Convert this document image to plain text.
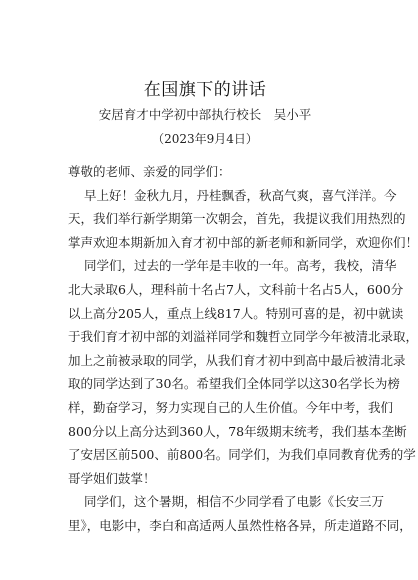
在国旗下的讲话
安居育才中学初中部执行校长　吴小平
（2023年9月4日）
尊敬的老师、亲爱的同学们：
早上好！金秋九月，丹桂飘香，秋高气爽，喜气洋洋。今
天，我们举行新学期第一次朝会，首先，我提议我们用热烈的
掌声欢迎本期新加入育才初中部的新老师和新同学，欢迎你们！
同学们，过去的一学年是丰收的一年。高考，我校，清华
北大录取6人，理科前十名占7人，文科前十名占5人，600分
以上高分205人，重点上线817人。特别可喜的是，初中就读
于我们育才初中部的刘溢祥同学和魏哲立同学今年被清北录取，
加上之前被录取的同学，从我们育才初中到高中最后被清北录
取的同学达到了30名。希望我们全体同学以这30名学长为榜
样，勤奋学习，努力实现自己的人生价值。今年中考，我们
800分以上高分达到360人，78年级期末统考，我们基本垄断
了安居区前500、前800名。同学们，为我们卓同教育优秀的学
哥学姐们鼓掌！
同学们，这个暑期，相信不少同学看了电影《长安三万
里》，电影中，李白和高适两人虽然性格各异，所走道路不同，
